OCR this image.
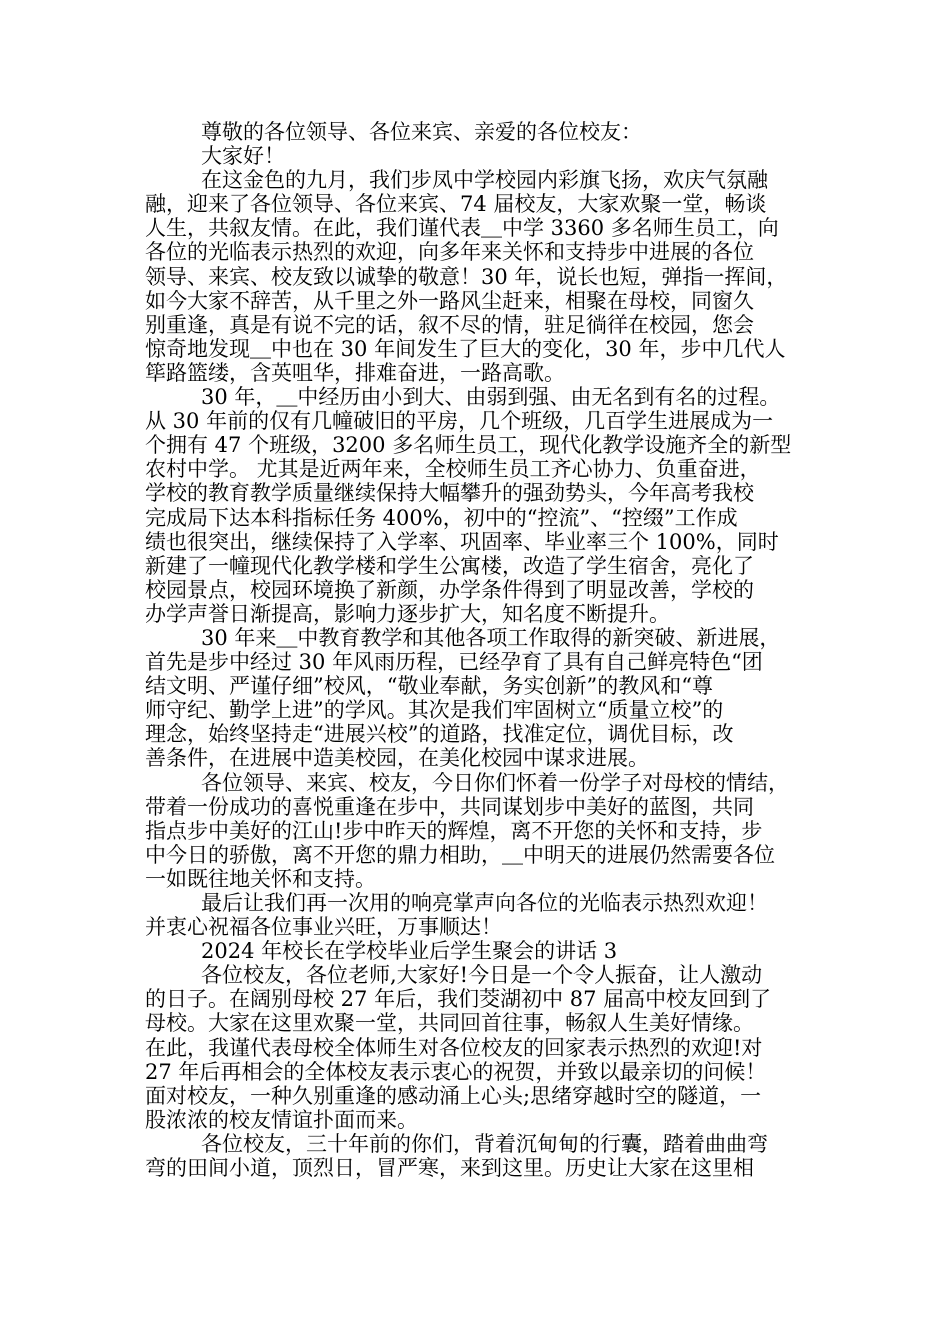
尊敬的各位领导、各位来宾、亲爱的各位校友：
大家好！
在这金色的九月，我们步凤中学校园内彩旗飞扬，欢庆气氛融
融，迎来了各位领导、各位来宾、74 届校友，大家欢聚一堂，畅谈
人生，共叙友情。在此，我们谨代表＿中学 3360 多名师生员工，向
各位的光临表示热烈的欢迎，向多年来关怀和支持步中进展的各位
领导、来宾、校友致以诚挚的敬意！30 年，说长也短，弹指一挥间，
如今大家不辞苦，从千里之外一路风尘赶来，相聚在母校，同窗久
别重逢，真是有说不完的话，叙不尽的情，驻足徜徉在校园，您会
惊奇地发现＿中也在 30 年间发生了巨大的变化，30 年，步中几代人
筚路篮缕，含英咀华，排难奋进，一路高歌。
30 年，＿中经历由小到大、由弱到强、由无名到有名的过程。
从 30 年前的仅有几幢破旧的平房，几个班级，几百学生进展成为一
个拥有 47 个班级，3200 多名师生员工，现代化教学设施齐全的新型
农村中学。 尤其是近两年来，全校师生员工齐心协力、负重奋进，
学校的教育教学质量继续保持大幅攀升的强劲势头，今年高考我校
完成局下达本科指标任务 400%，初中的“控流”、“控缀”工作成
绩也很突出，继续保持了入学率、巩固率、毕业率三个 100%，同时
新建了一幢现代化教学楼和学生公寓楼，改造了学生宿舍，亮化了
校园景点，校园环境换了新颜，办学条件得到了明显改善，学校的
办学声誉日渐提高，影响力逐步扩大，知名度不断提升。
30 年来＿中教育教学和其他各项工作取得的新突破、新进展，
首先是步中经过 30 年风雨历程，已经孕育了具有自己鲜亮特色“团
结文明、严谨仔细”校风，“敬业奉献，务实创新”的教风和“尊
师守纪、勤学上进”的学风。其次是我们牢固树立“质量立校”的
理念，始终坚持走“进展兴校”的道路，找准定位，调优目标，改
善条件，在进展中造美校园，在美化校园中谋求进展。
各位领导、来宾、校友，今日你们怀着一份学子对母校的情结，
带着一份成功的喜悦重逢在步中，共同谋划步中美好的蓝图，共同
指点步中美好的江山!步中昨天的辉煌，离不开您的关怀和支持，步
中今日的骄傲，离不开您的鼎力相助，＿中明天的进展仍然需要各位
一如既往地关怀和支持。
最后让我们再一次用的响亮掌声向各位的光临表示热烈欢迎！
并衷心祝福各位事业兴旺，万事顺达！
2024 年校长在学校毕业后学生聚会的讲话 3
各位校友，各位老师,大家好!今日是一个令人振奋，让人激动
的日子。在阔别母校 27 年后，我们茭湖初中 87 届高中校友回到了
母校。大家在这里欢聚一堂，共同回首往事，畅叙人生美好情缘。
在此，我谨代表母校全体师生对各位校友的回家表示热烈的欢迎!对
27 年后再相会的全体校友表示衷心的祝贺，并致以最亲切的问候！
面对校友，一种久别重逢的感动涌上心头;思绪穿越时空的隧道，一
股浓浓的校友情谊扑面而来。
各位校友，三十年前的你们，背着沉甸甸的行囊，踏着曲曲弯
弯的田间小道，顶烈日，冒严寒，来到这里。历史让大家在这里相
